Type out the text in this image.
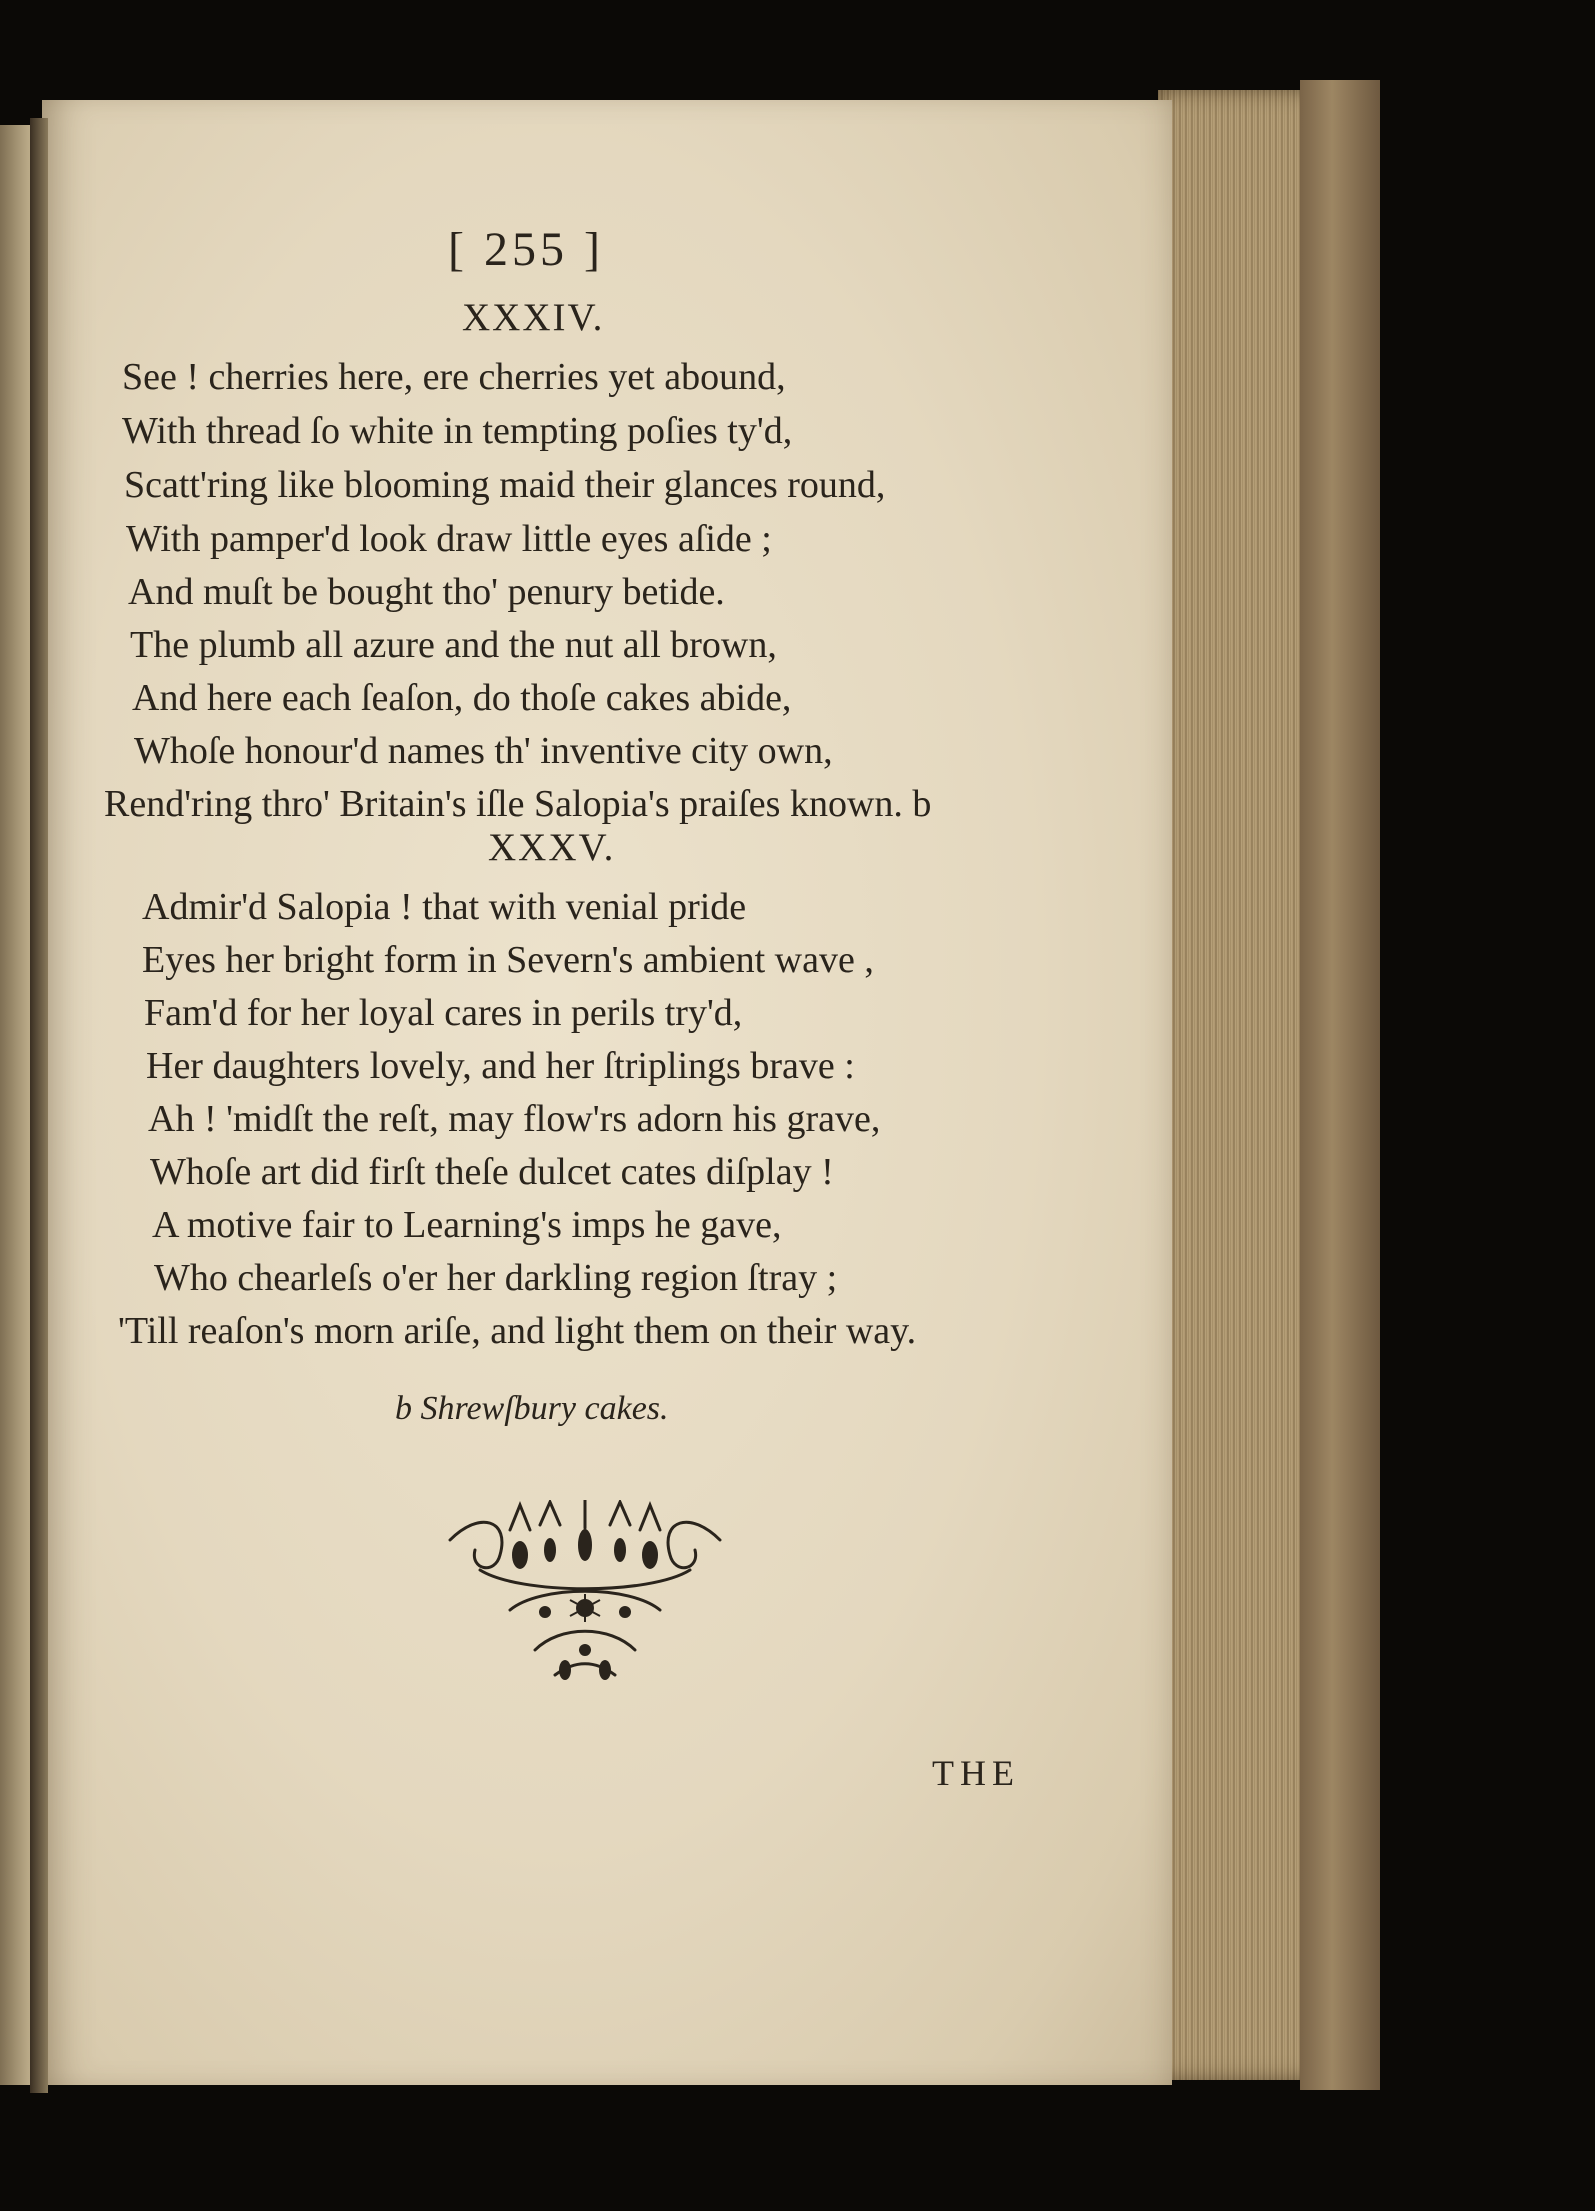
[ 255 ]
XXXIV.
See ! cherries here, ere cherries yet abound,
With thread ſo white in tempting poſies ty'd,
Scatt'ring like blooming maid their glances round,
With pamper'd look draw little eyes aſide ;
And muſt be bought tho' penury betide.
The plumb all azure and the nut all brown,
And here each ſeaſon, do thoſe cakes abide,
Whoſe honour'd names th' inventive city own,
Rend'ring thro' Britain's iſle Salopia's praiſes known. b
XXXV.
Admir'd Salopia ! that with venial pride
Eyes her bright form in Severn's ambient wave ,
Fam'd for her loyal cares in perils try'd,
Her daughters lovely, and her ſtriplings brave :
Ah ! 'midſt the reſt, may flow'rs adorn his grave,
Whoſe art did firſt theſe dulcet cates diſplay !
A motive fair to Learning's imps he gave,
Who chearleſs o'er her darkling region ſtray ;
'Till reaſon's morn ariſe, and light them on their way.
b Shrewſbury cakes.
THE
